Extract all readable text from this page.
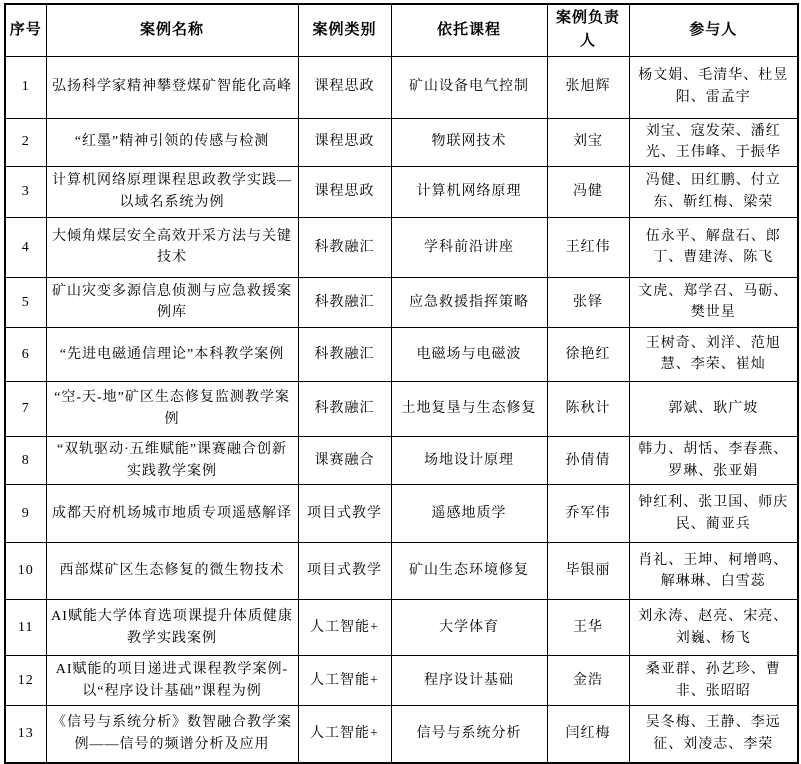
序号	案例名称	案例类别	依托课程	案例负责人	参与人
1	弘扬科学家精神攀登煤矿智能化高峰	课程思政	矿山设备电气控制	张旭辉	杨文娟、毛清华、杜昱阳、雷孟宇
2	“红墨”精神引领的传感与检测	课程思政	物联网技术	刘宝	刘宝、寇发荣、潘红光、王伟峰、于振华
3	计算机网络原理课程思政教学实践—以域名系统为例	课程思政	计算机网络原理	冯健	冯健、田红鹏、付立东、靳红梅、梁荣
4	大倾角煤层安全高效开采方法与关键技术	科教融汇	学科前沿讲座	王红伟	伍永平、解盘石、郎丁、曹建涛、陈飞
5	矿山灾变多源信息侦测与应急救援案例库	科教融汇	应急救援指挥策略	张铎	文虎、郑学召、马砺、樊世星
6	“先进电磁通信理论”本科教学案例	科教融汇	电磁场与电磁波	徐艳红	王树奇、刘洋、范旭慧、李荣、崔灿
7	“空-天-地”矿区生态修复监测教学案例	科教融汇	土地复垦与生态修复	陈秋计	郭斌、耿广坡
8	“双轨驱动·五维赋能”课赛融合创新实践教学案例	课赛融合	场地设计原理	孙倩倩	韩力、胡恬、李春燕、罗琳、张亚娟
9	成都天府机场城市地质专项遥感解译	项目式教学	遥感地质学	乔军伟	钟红利、张卫国、师庆民、蔺亚兵
10	西部煤矿区生态修复的微生物技术	项目式教学	矿山生态环境修复	毕银丽	肖礼、王坤、柯增鸣、解琳琳、白雪蕊
11	AI赋能大学体育选项课提升体质健康教学实践案例	人工智能+	大学体育	王华	刘永涛、赵亮、宋亮、刘巍、杨飞
12	AI赋能的项目递进式课程教学案例-以“程序设计基础”课程为例	人工智能+	程序设计基础	金浩	桑亚群、孙艺珍、曹非、张昭昭
13	《信号与系统分析》数智融合教学案例——信号的频谱分析及应用	人工智能+	信号与系统分析	闫红梅	吴冬梅、王静、李远征、刘凌志、李荣
